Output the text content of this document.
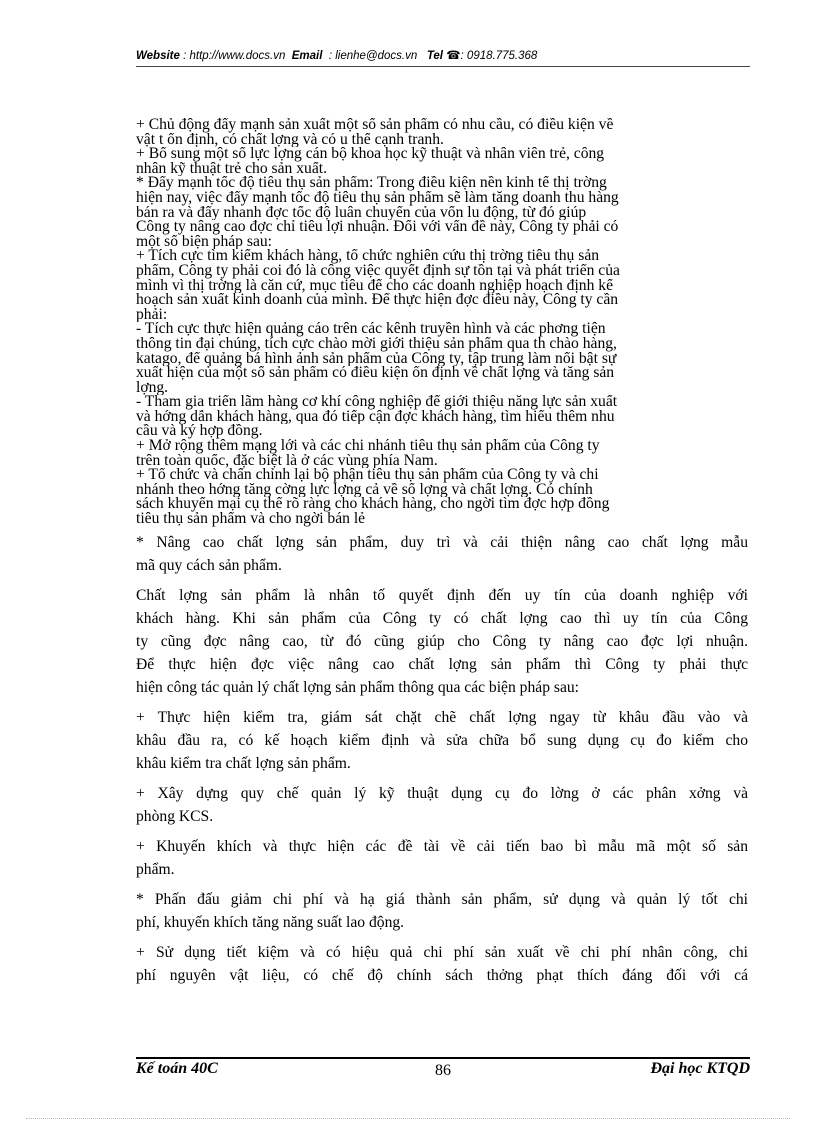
Website : http://www.docs.vn Email : lienhe@docs.vn Tel ☎: 0918.775.368

+ Chủ động đẩy mạnh sản xuất một số sản phẩm có nhu cầu, có điều kiện về

vật t ổn định, có chất lợng và có u thế cạnh tranh.

+ Bổ sung một số lực lợng cán bộ khoa học kỹ thuật và nhân viên trẻ, công

nhân kỹ thuật trẻ cho sản xuất.

* Đẩy mạnh tốc độ tiêu thụ sản phẩm: Trong điều kiện nền kinh tế thị trờng

hiện nay, việc đẩy mạnh tốc độ tiêu thụ sản phẩm sẽ làm tăng doanh thu hàng

bán ra và đẩy nhanh đợc tốc độ luân chuyển của vốn lu động, từ đó giúp

Công ty nâng cao đợc chỉ tiêu lợi nhuận. Đối với vấn đề này, Công ty phải có

một số biện pháp sau:

+ Tích cực tìm kiếm khách hàng, tổ chức nghiên cứu thị trờng tiêu thụ sản

phẩm, Công ty phải coi đó là công việc quyết định sự tồn tại và phát triển của

mình vì thị trờng là căn cứ, mục tiêu để cho các doanh nghiệp hoạch định kế

hoạch sản xuất kinh doanh của mình. Để thực hiện đợc điều này, Công ty cần

phải:

- Tích cực thực hiện quảng cáo trên các kênh truyền hình và các phơng tiện

thông tin đại chúng, tích cực chào mời giới thiệu sản phẩm qua th chào hàng,

katago, để quảng bá hình ảnh sản phẩm của Công ty, tập trung làm nổi bật sự

xuất hiện của một số sản phẩm có điều kiện ổn định về chất lợng và tăng sản

lợng.

- Tham gia triển lãm hàng cơ khí công nghiệp để giới thiệu năng lực sản xuất

và hớng dẫn khách hàng, qua đó tiếp cận đợc khách hàng, tìm hiểu thêm nhu

cầu và ký hợp đồng.

+ Mở rộng thêm mạng lới và các chi nhánh tiêu thụ sản phẩm của Công ty

trên toàn quốc, đặc biệt là ở các vùng phía Nam.

+ Tổ chức và chấn chỉnh lại bộ phận tiêu thụ sản phẩm của Công ty và chi

nhánh theo hớng tăng cờng lực lợng cả về số lợng và chất lợng. Có chính

sách khuyến mại cụ thể rõ ràng cho khách hàng, cho ngời tìm đợc hợp đồng

tiêu thụ sản phẩm và cho ngời bán lẻ

* Nâng cao chất lợng sản phẩm, duy trì và cải thiện nâng cao chất lợng mẫu
mã quy cách sản phẩm.
Chất lợng sản phẩm là nhân tố quyết định đến uy tín của doanh nghiệp với
khách hàng. Khi sản phẩm của Công ty có chất lợng cao thì uy tín của Công
ty cũng đợc nâng cao, từ đó cũng giúp cho Công ty nâng cao đợc lợi nhuận.
Để thực hiện đợc việc nâng cao chất lợng sản phẩm thì Công ty phải thực
hiện công tác quản lý chất lợng sản phẩm thông qua các biện pháp sau:
+ Thực hiện kiểm tra, giám sát chặt chẽ chất lợng ngay từ khâu đầu vào và
khâu đầu ra, có kế hoạch kiểm định và sửa chữa bổ sung dụng cụ đo kiểm cho
khâu kiểm tra chất lợng sản phẩm.
+ Xây dựng quy chế quản lý kỹ thuật dụng cụ đo lờng ở các phân xởng và
phòng KCS.
+ Khuyến khích và thực hiện các đề tài về cải tiến bao bì mẫu mã một số sản
phẩm.
* Phấn đấu giảm chi phí và hạ giá thành sản phẩm, sử dụng và quản lý tốt chi
phí, khuyến khích tăng năng suất lao động.
+ Sử dụng tiết kiệm và có hiệu quả chi phí sản xuất về chi phí nhân công, chi
phí nguyên vật liệu, có chế độ chính sách thởng phạt thích đáng đối với cá
Kế toán 40C	86	Đại học KTQD
